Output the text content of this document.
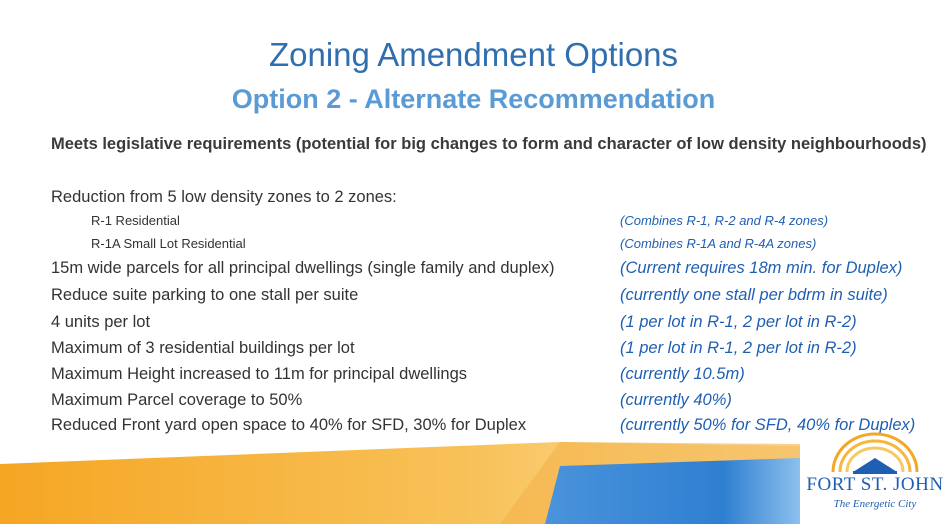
Zoning Amendment Options
Option 2 - Alternate Recommendation
Meets legislative requirements (potential for big changes to form and character of low density neighbourhoods)
Reduction from 5 low density zones to 2 zones:
R-1 Residential	(Combines R-1, R-2 and R-4 zones)
R-1A Small Lot Residential	(Combines R-1A and R-4A zones)
15m wide parcels for all principal dwellings (single family and duplex)	(Current requires 18m min. for Duplex)
Reduce suite parking to one stall per suite	(currently one stall per bdrm in suite)
4 units per lot	(1 per lot in R-1, 2 per lot in R-2)
Maximum of 3 residential buildings per lot	(1 per lot in R-1, 2 per lot in R-2)
Maximum Height increased to 11m for principal dwellings	(currently 10.5m)
Maximum Parcel coverage to 50%	(currently 40%)
Reduced Front yard open space to 40% for SFD, 30% for Duplex	(currently 50% for SFD, 40% for Duplex)
FORT ST. JOHN
The Energetic City
